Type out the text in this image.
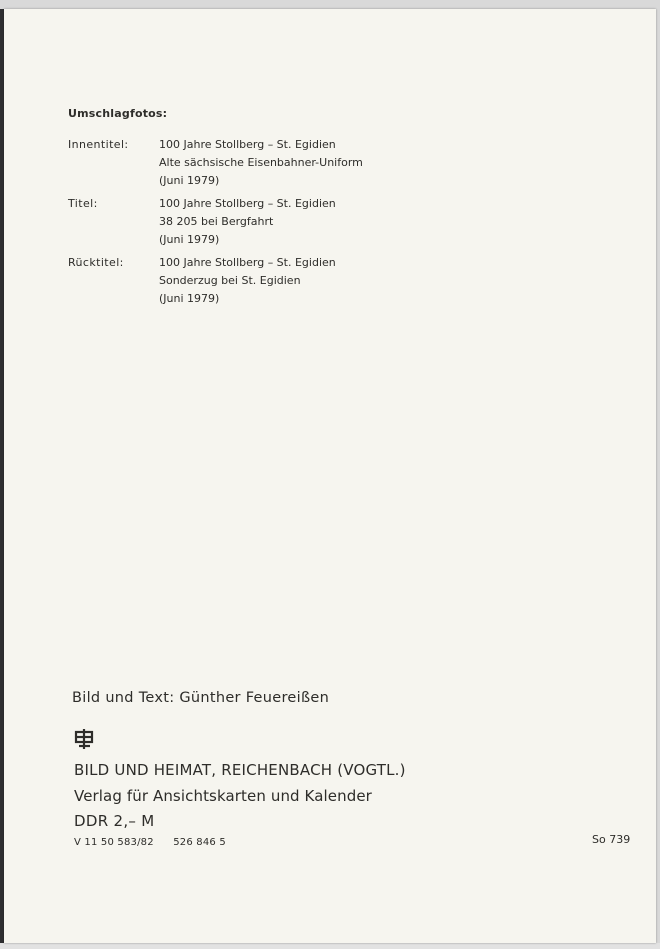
Umschlagfotos:
Innentitel:	100 Jahre Stollberg – St. Egidien
Alte sächsische Eisenbahner-Uniform
(Juni 1979)
Titel:	100 Jahre Stollberg – St. Egidien
38 205 bei Bergfahrt
(Juni 1979)
Rücktitel:	100 Jahre Stollberg – St. Egidien
Sonderzug bei St. Egidien
(Juni 1979)
Bild und Text: Günther Feuereißen
BILD UND HEIMAT, REICHENBACH (VOGTL.)
Verlag für Ansichtskarten und Kalender
DDR 2,– M
V 11 50 583/82 526 846 5	So 739
